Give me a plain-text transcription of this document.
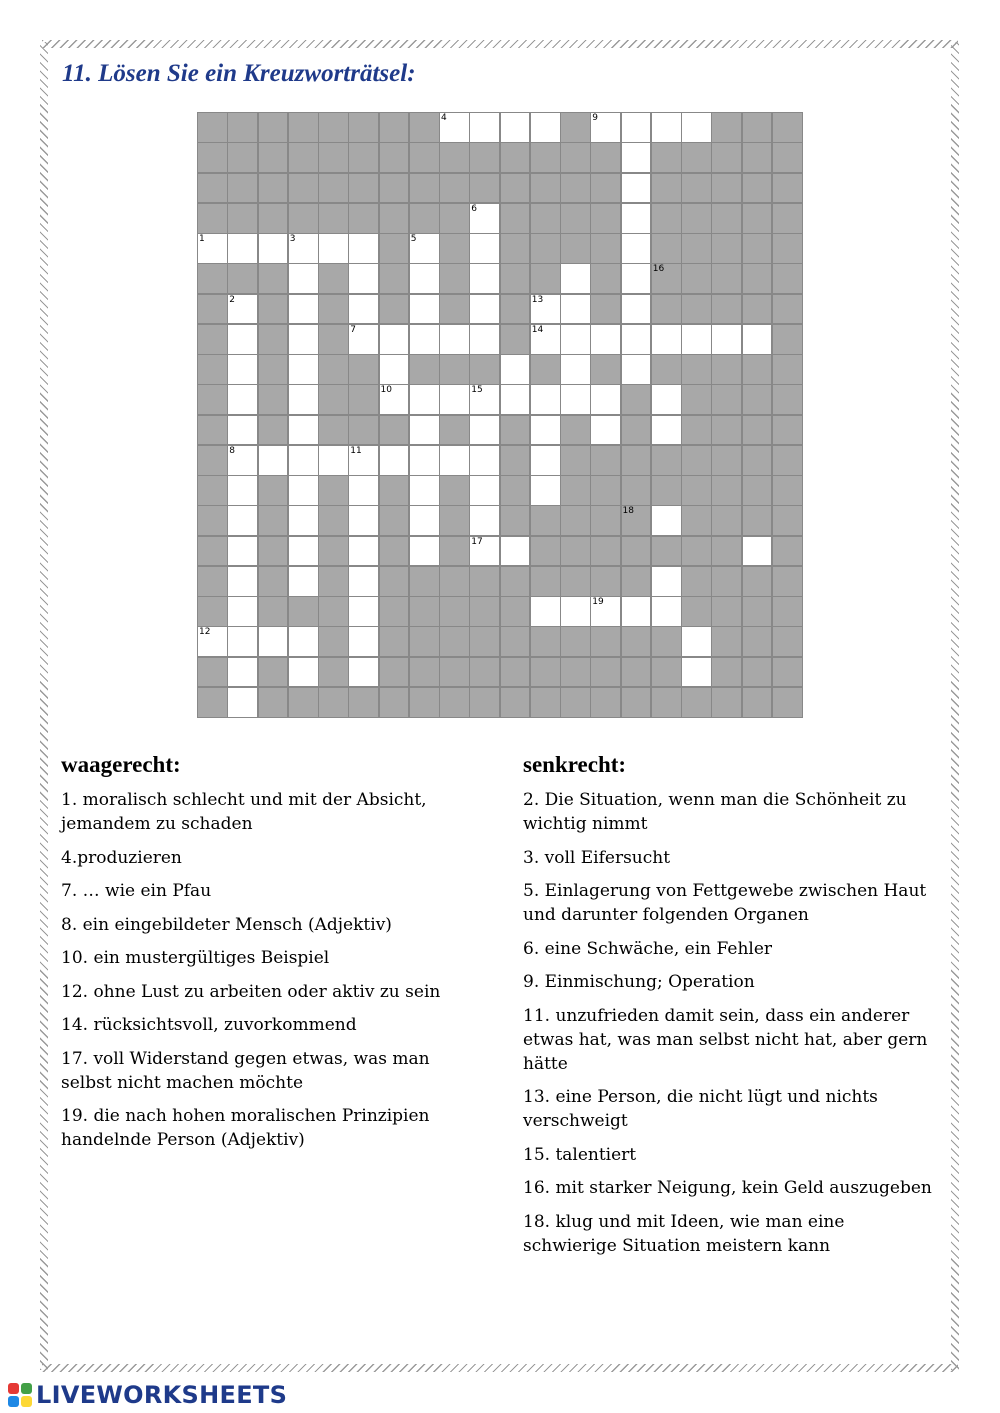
11. Lösen Sie ein Kreuzworträtsel:
4	9
6
1	3	5
16
2	13
7	14
10	15
8	11
18
17
19
12
waagerecht:
1. moralisch schlecht und mit der Absicht, jemandem zu schaden
4.produzieren
7. … wie ein Pfau
8. ein eingebildeter Mensch (Adjektiv)
10. ein mustergültiges Beispiel
12. ohne Lust zu arbeiten oder aktiv zu sein
14. rücksichtsvoll, zuvorkommend
17. voll Widerstand gegen etwas, was man selbst nicht machen möchte
19. die nach hohen moralischen Prinzipien handelnde Person (Adjektiv)
senkrecht:
2. Die Situation, wenn man die Schönheit zu wichtig nimmt
3. voll Eifersucht
5. Einlagerung von Fettgewebe zwischen Haut und darunter folgenden Organen
6. eine Schwäche, ein Fehler
9. Einmischung; Operation
11. unzufrieden damit sein, dass ein anderer etwas hat, was man selbst nicht hat, aber gern hätte
13. eine Person, die nicht lügt und nichts verschweigt
15. talentiert
16. mit starker Neigung, kein Geld auszugeben
18. klug und mit Ideen, wie man eine schwierige Situation meistern kann
LIVEWORKSHEETS
